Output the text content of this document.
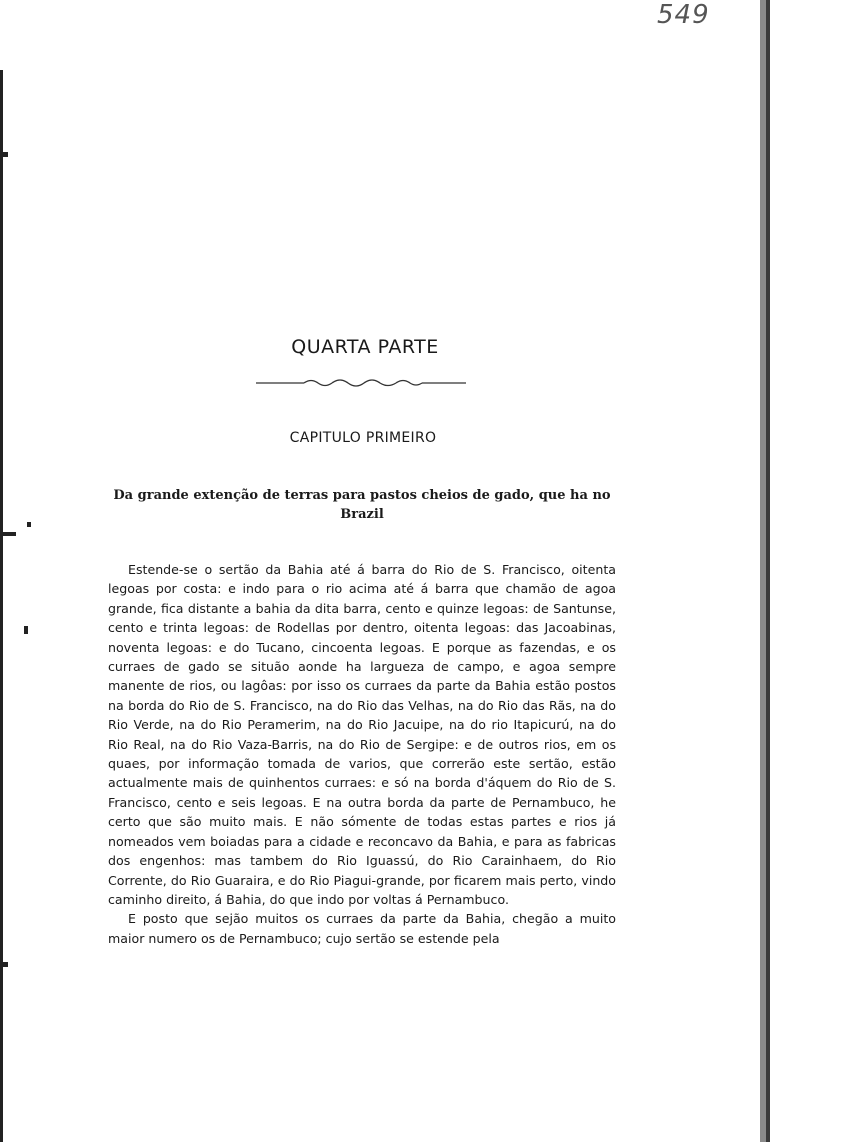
549
QUARTA PARTE
CAPITULO PRIMEIRO
Da grande extenção de terras para pastos cheios de gado, que ha no Brazil

Estende-se o sertão da Bahia até á barra do Rio de S. Francisco, oitenta legoas por costa: e indo para o rio acima até á barra que chamão de agoa grande, fica distante a bahia da dita barra, cento e quinze legoas: de Santunse, cento e trinta legoas: de Rodellas por dentro, oitenta legoas: das Jacoabinas, noventa legoas: e do Tucano, cincoenta legoas. E porque as fazendas, e os curraes de gado se situão aonde ha largueza de campo, e agoa sempre manente de rios, ou lagôas: por isso os curraes da parte da Bahia estão postos na borda do Rio de S. Francisco, na do Rio das Velhas, na do Rio das Rãs, na do Rio Verde, na do Rio Peramerim, na do Rio Jacuipe, na do rio Itapicurú, na do Rio Real, na do Rio Vaza-Barris, na do Rio de Sergipe: e de outros rios, em os quaes, por informação tomada de varios, que correrão este sertão, estão actualmente mais de quinhentos curraes: e só na borda d'áquem do Rio de S. Francisco, cento e seis legoas. E na outra borda da parte de Pernambuco, he certo que são muito mais. E não sómente de todas estas partes e rios já nomeados vem boiadas para a cidade e reconcavo da Bahia, e para as fabricas dos engenhos: mas tambem do Rio Iguassú, do Rio Carainhaem, do Rio Corrente, do Rio Guaraira, e do Rio Piagui-grande, por ficarem mais perto, vindo caminho direito, á Bahia, do que indo por voltas á Pernambuco.

E posto que sejão muitos os curraes da parte da Bahia, chegão a muito maior numero os de Pernambuco; cujo sertão se estende pela
